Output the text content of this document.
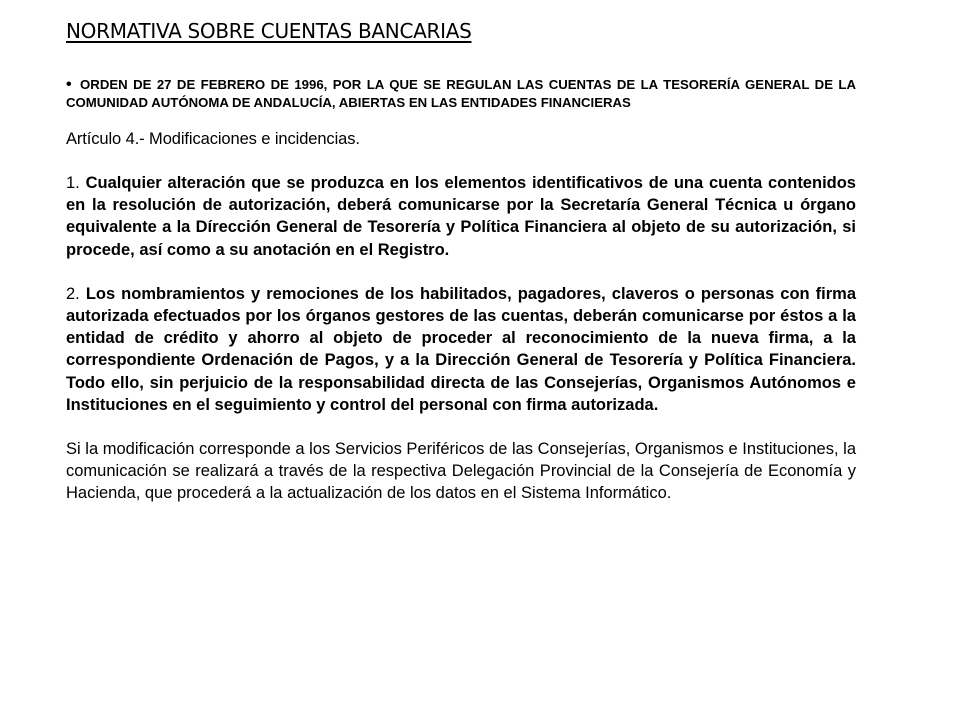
NORMATIVA SOBRE CUENTAS BANCARIAS

• ORDEN DE 27 DE FEBRERO DE 1996, POR LA QUE SE REGULAN LAS CUENTAS DE LA TESORERÍA GENERAL DE LA COMUNIDAD AUTÓNOMA DE ANDALUCÍA, ABIERTAS EN LAS ENTIDADES FINANCIERAS

Artículo 4.- Modificaciones e incidencias.

1. Cualquier alteración que se produzca en los elementos identificativos de una cuenta contenidos en la resolución de autorización, deberá comunicarse por la Secretaría General Técnica u órgano equivalente a la Dírección General de Tesorería y Política Financiera al objeto de su autorización, si procede, así como a su anotación en el Registro.

2. Los nombramientos y remociones de los habilitados, pagadores, claveros o personas con firma autorizada efectuados por los órganos gestores de las cuentas, deberán comunicarse por éstos a la entidad de crédito y ahorro al objeto de proceder al reconocimiento de la nueva firma, a la correspondiente Ordenación de Pagos, y a la Dirección General de Tesorería y Política Financiera. Todo ello, sin perjuicio de la responsabilidad directa de las Consejerías, Organismos Autónomos e Instituciones en el seguimiento y control del personal con firma autorizada.

Si la modificación corresponde a los Servicios Periféricos de las Consejerías, Organismos e Instituciones, la comunicación se realizará a través de la respectiva Delegación Provincial de la Consejería de Economía y Hacienda, que procederá a la actualización de los datos en el Sistema Informático.
